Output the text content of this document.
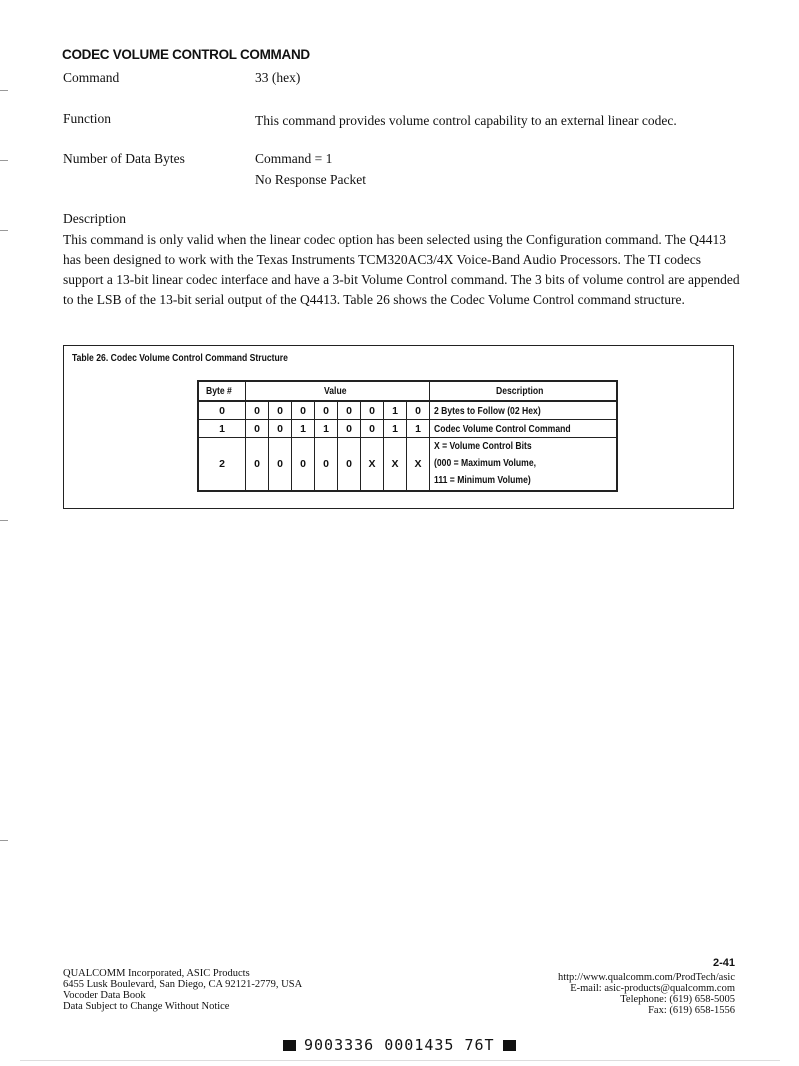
CODEC VOLUME CONTROL COMMAND
Command	33 (hex)
Function	This command provides volume control capability to an external linear codec.
Number of Data Bytes	Command = 1
No Response Packet
Description
This command is only valid when the linear codec option has been selected using the Configuration command. The Q4413 has been designed to work with the Texas Instruments TCM320AC3/4X Voice-Band Audio Processors. The TI codecs support a 13-bit linear codec interface and have a 3-bit Volume Control command. The 3 bits of volume control are appended to the LSB of the 13-bit serial output of the Q4413. Table 26 shows the Codec Volume Control command structure.
Table 26. Codec Volume Control Command Structure
Byte #	Value								Description
0	0	0	0	0	0	0	1	0	2 Bytes to Follow (02 Hex)
1	0	0	1	1	0	0	1	1	Codec Volume Control Command
2	0	0	0	0	0	X	X	X	X = Volume Control Bits
(000 = Maximum Volume,
111 = Minimum Volume)
2-41
QUALCOMM Incorporated, ASIC Products
6455 Lusk Boulevard, San Diego, CA 92121-2779, USA
Vocoder Data Book
Data Subject to Change Without Notice
http://www.qualcomm.com/ProdTech/asic
E-mail: asic-products@qualcomm.com
Telephone: (619) 658-5005
Fax: (619) 658-1556
9003336 0001435 76T
